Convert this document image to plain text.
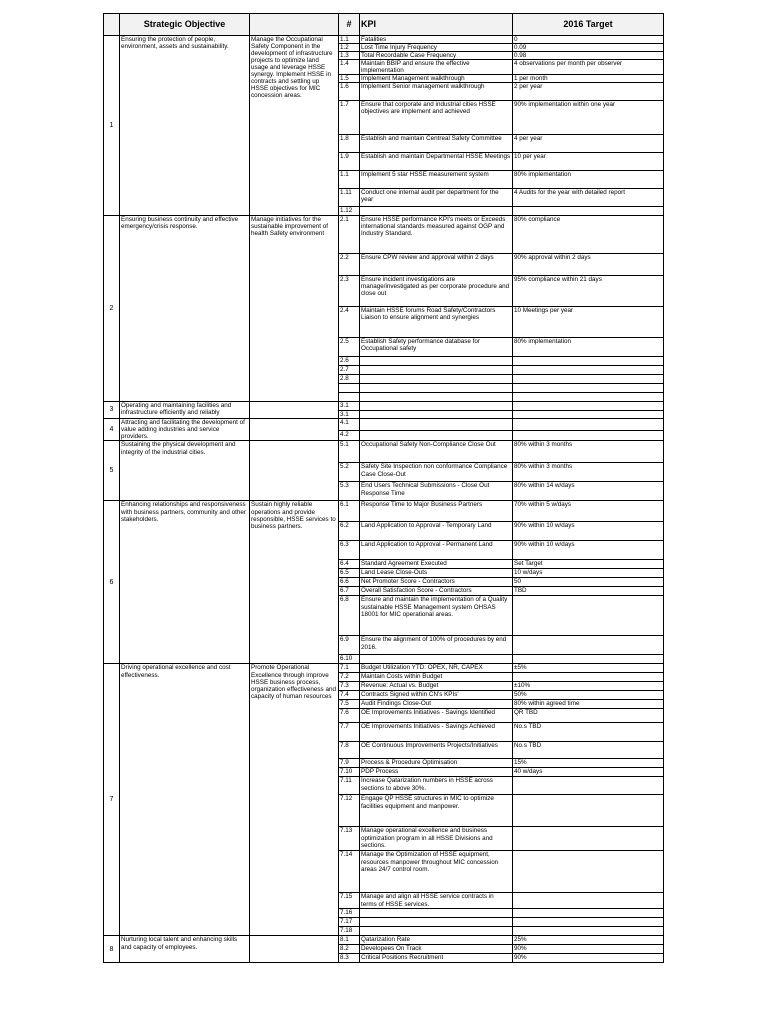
	Strategic Objective		#	KPI	2016 Target
1	Ensuring the protection of people, environment, assets and sustainability.	Manage the Occupational Safety Component in the development of infrastructure projects to optimize land usage and leverage HSSE synergy. Implement HSSE in contracts and settling up HSSE objectives for MIC concession areas.	1.1	Fatalities	0
			1.2	Lost Time Injury Frequency	0.09
			1.3	Total Recordable Case Frequency	0.98
			1.4	Maintain BBIP and ensure the effective implementation	4 observations per month per observer
			1.5	Implement Management walkthrough	1 per month
			1.6	Implement Senior management walkthrough	2 per year
			1.7	Ensure that corporate and industrial cities HSSE objectives are implement and achieved	90% implementation within one year
			1.8	Establish and maintain Centreal Safety Committee	4 per year
			1.9	Establish and maintain Departmental HSSE Meetings	10 per year
			1.1	Implement 5 star HSSE measurement system	80% implementation
			1.11	Conduct one internal audit per department for the year	4 Audits for the year with detailed report
			1.12		
2	Ensuring business continuity and effective emergency/crisis response.	Manage initiatives for the sustainable improvement of health Safety environment	2.1	Ensure HSSE performance KPI's meets or Exceeds international standards measured against OGP and Industry Standard.	80% compliance
			2.2	Ensure CPW review and approval within 2 days	90% approval within 2 days
			2.3	Ensure incident investigations are manage/investigated as per corporate procedure and close out	95% compliance within 21 days
			2.4	Maintain HSSE forums Road Safety/Contractors Liaison to ensure alignment and synergies	10 Meetings per year
			2.5	Establish Safety performance database for Occupational safety	80% implementation
			2.6		
			2.7		
			2.8		

3	Operating and maintaining facilities and infrastructure efficiently and reliably		3.1		
			3.1		
4	Attracting and facilitating the development of value adding industries and service providers.		4.1		
			4.2		
5	Sustaining the physical development and integrity of the industrial cities.		5.1	Occupational Safety Non-Compliance Close Out	80% within 3 months
			5.2	Safety Site Inspection non conformance Compliance Case Close-Out	80% within 3 months
			5.3	End Users Technical Submissions - Close Out Response Time	80% within 14 w/days
6	Enhancing relationships and responsiveness with business partners, community and other stakeholders.	Sustain highly reliable operations and provide responsible, HSSE services to business partners.	6.1	Response Time to Major Business Partners	70% within 5 w/days
			6.2	Land Application to Approval - Temporary Land	90% within 10 w/days
			6.3	Land Application to Approval - Permanent Land	90% within 10 w/days
			6.4	Standard Agreement Executed	Set Target
			6.5	Land Lease Close-Outs	10 w/days
			6.6	Net Promoter Score - Contractors	50
			6.7	Overall Satisfaction Score - Contractors	TBD
			6.8	Ensure and maintain the implementation of a Quality sustainable HSSE Management system OHSAS 18001 for MIC operational areas.	
			6.9	Ensure the alignment of 100% of procedures by end 2016.	
			6.10		
7	Driving operational excellence and cost effectiveness.	Promote Operational Excellence through improve HSSE business process, organization effectiveness and capacity of human resources	7.1	Budget Utilization YTD: OPEX, NR, CAPEX	±5%
			7.2	Maintain Costs within Budget	
			7.3	Revenue: Actual vs. Budget	±10%
			7.4	Contracts Signed within CN's KPIs'	50%
			7.5	Audit Findings Close-Out	80% within agreed time
			7.6	OE Improvements Initiatives - Savings Identified	QR TBD
			7.7	OE Improvements Initiatives - Savings Achieved	No.s TBD
			7.8	OE Continuous Improvements Projects/Initiatives	No.s TBD
			7.9	Process & Procedure Optimisation	15%
			7.10	PDP Process	40 w/days
			7.11	Increase Qatarization numbers in HSSE across sections to above 30%.	
			7.12	Engage QP HSSE structures in MIC to optimize facilities equipment and manpower.	
			7.13	Manage operational excellence and business optimization program in all HSSE Divisions and sections.	
			7.14	Manage the Optimization of HSSE equipment, resources manpower throughout MIC concession areas 24/7 control room.	
			7.15	Manage and align all HSSE service contracts in terms of HSSE services.	
			7.16		
			7.17		
			7.18		
8	Nurturing local talent and enhancing skills and capacity of employees.		8.1	Qatarization Rate	25%
			8.2	Developees On Track	90%
			8.3	Critical Positions Recruitment	90%
